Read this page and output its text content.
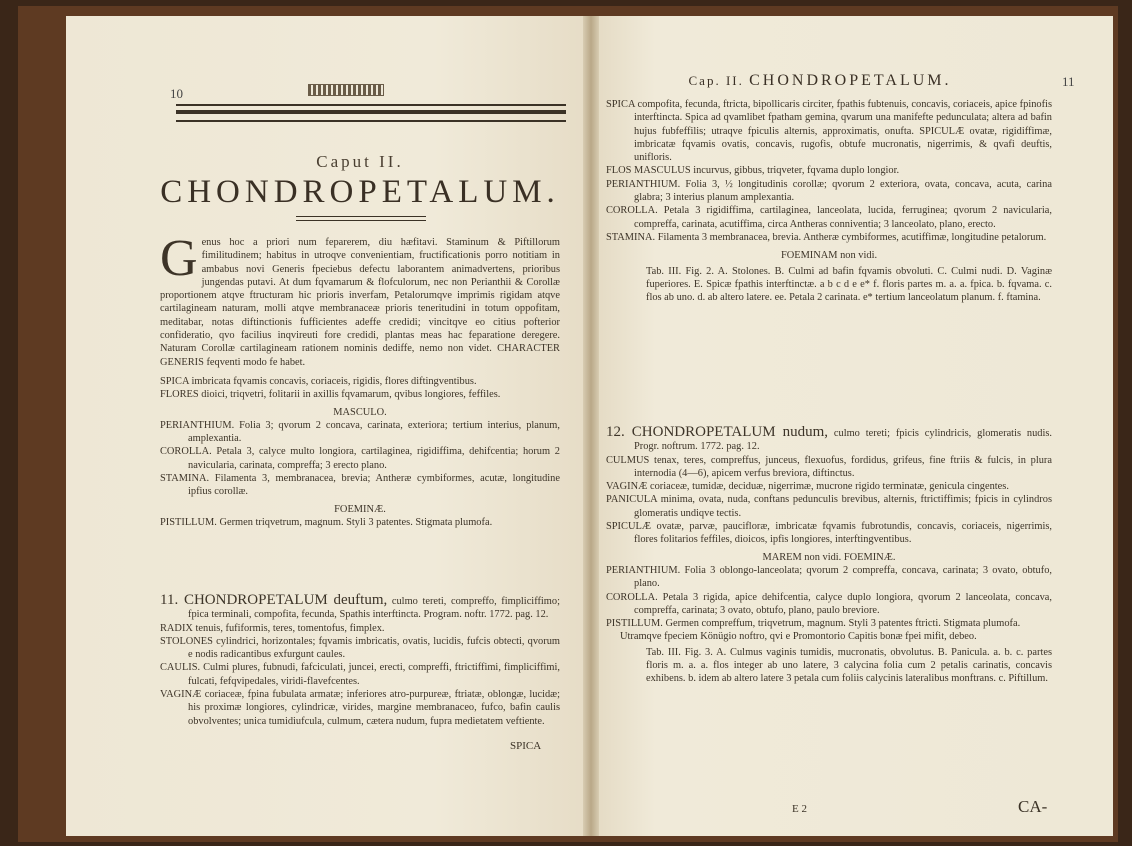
10
Caput II.
CHONDROPETALUM.

Genus hoc a priori num feparerem, diu hæfitavi. Staminum & Piftillorum fimilitudinem; habitus in utroqve convenientiam, fructificationis porro notitiam in ambabus novi Generis fpeciebus defectu laborantem animadvertens, prioribus jungendas putavi. At dum fqvamarum & flofculorum, nec non Perianthii & Corollæ proportionem atqve ftructuram hic prioris inverfam, Petalorumqve imprimis rigidam atqve cartilagineam naturam, molli atqve membranaceæ prioris teneritudini in totum oppofitam, meditabar, notas diftinctionis fufficientes adeffe credidi; vincitqve eo citius pofterior confideratio, qvo facilius inqvireuti fore credidi, plantas meas hac feparatione deregere. Naturam Corollæ cartilagineam rationem nominis dediffe, nemo non videt. CHARACTER GENERIS feqventi modo fe habet.

SPICA imbricata fqvamis concavis, coriaceis, rigidis, flores diftingventibus.

FLORES dioici, triqvetri, folitarii in axillis fqvamarum, qvibus longiores, feffiles.

MASCULO.

PERIANTHIUM. Folia 3; qvorum 2 concava, carinata, exteriora; tertium interius, planum, amplexantia.

COROLLA. Petala 3, calyce multo longiora, cartilaginea, rigidiffima, dehifcentia; horum 2 navicularia, carinata, compreffa; 3 erecto plano.

STAMINA. Filamenta 3, membranacea, brevia; Antheræ cymbiformes, acutæ, longitudine ipfius corollæ.

FOEMINÆ.

PISTILLUM. Germen triqvetrum, magnum. Styli 3 patentes. Stigmata plumofa.

11. CHONDROPETALUM deuftum, culmo tereti, compreffo, fimpliciffimo; fpica terminali, compofita, fecunda, Spathis interftincta. Program. noftr. 1772. pag. 12.

RADIX tenuis, fufiformis, teres, tomentofus, fimplex.

STOLONES cylindrici, horizontales; fqvamis imbricatis, ovatis, lucidis, fufcis obtecti, qvorum e nodis radicantibus exfurgunt caules.

CAULIS. Culmi plures, fubnudi, fafciculati, juncei, erecti, compreffi, ftrictiffimi, fimpliciffimi, fulcati, fefqvipedales, viridi-flavefcentes.

VAGINÆ coriaceæ, fpina fubulata armatæ; inferiores atro-purpureæ, ftriatæ, oblongæ, lucidæ; his proximæ longiores, cylindricæ, virides, margine membranaceo, fufco, bafin caulis obvolventes; unica tumidiufcula, culmum, cætera nudum, fupra medietatem veftiente.

SPICA
Cap. II. CHONDROPETALUM.	11

SPICA compofita, fecunda, ftricta, bipollicaris circiter, fpathis fubtenuis, concavis, coriaceis, apice fpinofis interftincta. Spica ad qvamlibet fpatham gemina, qvarum una manifefte pedunculata; altera ad bafin hujus fubfeffilis; utraqve fpiculis alternis, approximatis, onufta. SPICULÆ ovatæ, rigidiffimæ, imbricatæ fqvamis ovatis, concavis, rugofis, obtufe mucronatis, nigerrimis, & qvafi deuftis, unifloris.

FLOS MASCULUS incurvus, gibbus, triqveter, fqvama duplo longior.

PERIANTHIUM. Folia 3, ½ longitudinis corollæ; qvorum 2 exteriora, ovata, concava, acuta, carina glabra; 3 interius planum amplexantia.

COROLLA. Petala 3 rigidiffima, cartilaginea, lanceolata, lucida, ferruginea; qvorum 2 navicularia, compreffa, carinata, acutiffima, circa Antheras conniventia; 3 lanceolato, plano, erecto.

STAMINA. Filamenta 3 membranacea, brevia. Antheræ cymbiformes, acutiffimæ, longitudine petalorum.

FOEMINAM non vidi.

Tab. III. Fig. 2. A. Stolones. B. Culmi ad bafin fqvamis obvoluti. C. Culmi nudi. D. Vaginæ fuperiores. E. Spicæ fpathis interftinctæ. a b c d e e* f. floris partes m. a. a. fpica. b. fqvama. c. flos ab uno. d. ab altero latere. ee. Petala 2 carinata. e* tertium lanceolatum planum. f. ftamina.

12. CHONDROPETALUM nudum, culmo tereti; fpicis cylindricis, glomeratis nudis. Progr. noftrum. 1772. pag. 12.

CULMUS tenax, teres, compreffus, junceus, flexuofus, fordidus, grifeus, fine ftriis & fulcis, in plura internodia (4—6), apicem verfus breviora, diftinctus.

VAGINÆ coriaceæ, tumidæ, deciduæ, nigerrimæ, mucrone rigido terminatæ, genicula cingentes.

PANICULA minima, ovata, nuda, conftans pedunculis brevibus, alternis, ftrictiffimis; fpicis in cylindros glomeratis undiqve tectis.

SPICULÆ ovatæ, parvæ, paucifloræ, imbricatæ fqvamis fubrotundis, concavis, coriaceis, nigerrimis, flores folitarios feffiles, dioicos, ipfis longiores, interftingventibus.

MAREM non vidi. FOEMINÆ.

PERIANTHIUM. Folia 3 oblongo-lanceolata; qvorum 2 compreffa, concava, carinata; 3 ovato, obtufo, plano.

COROLLA. Petala 3 rigida, apice dehifcentia, calyce duplo longiora, qvorum 2 lanceolata, concava, compreffa, carinata; 3 ovato, obtufo, plano, paulo breviore.

PISTILLUM. Germen compreffum, triqvetrum, magnum. Styli 3 patentes ftricti. Stigmata plumofa.

Utramqve fpeciem Könügio noftro, qvi e Promontorio Capitis bonæ fpei mifit, debeo.

Tab. III. Fig. 3. A. Culmus vaginis tumidis, mucronatis, obvolutus. B. Panicula. a. b. c. partes floris m. a. a. flos integer ab uno latere, 3 calycina folia cum 2 petalis carinatis, concavis exhibens. b. idem ab altero latere 3 petala cum foliis calycinis lateralibus monftrans. c. Piftillum.

E 2	CA-
